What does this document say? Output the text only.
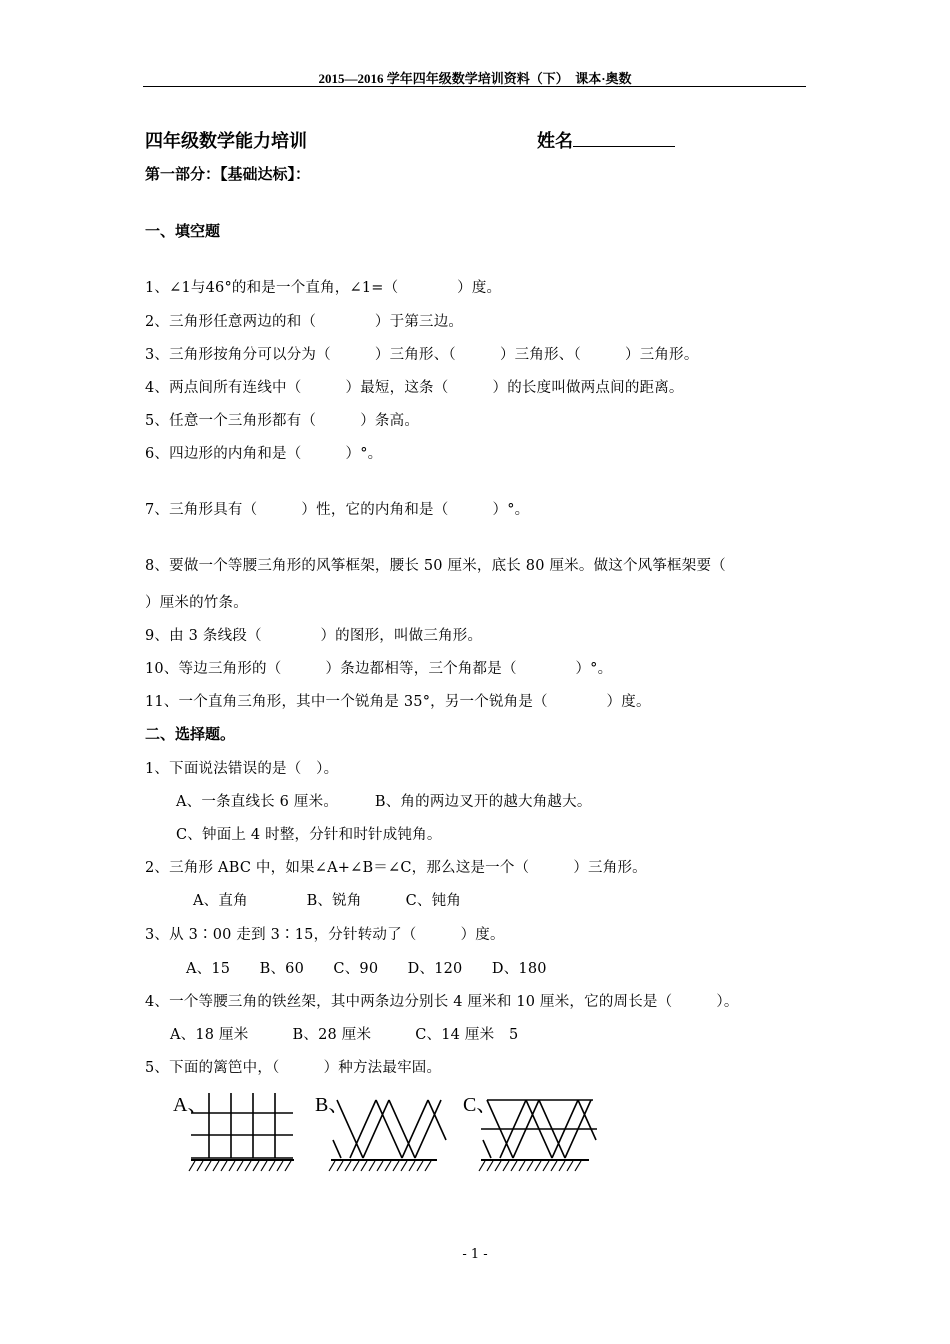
2015—2016 学年四年级数学培训资料（下）　课本·奥数
四年级数学能力培训	姓名
第一部分：【基础达标】：
一、填空题
1、∠1与46°的和是一个直角，∠1=（　　　　）度。
2、三角形任意两边的和（　　　　）于第三边。
3、三角形按角分可以分为（　　　）三角形、（　　　）三角形、（　　　）三角形。
4、两点间所有连线中（　　　）最短，这条（　　　）的长度叫做两点间的距离。
5、任意一个三角形都有（　　　）条高。
6、四边形的内角和是（　　　）°。
7、三角形具有（　　　）性，它的内角和是（　　　）°。
8、要做一个等腰三角形的风筝框架，腰长 50 厘米，底长 80 厘米。做这个风筝框架要（
）厘米的竹条。
9、由 3 条线段（　　　　）的图形，叫做三角形。
10、等边三角形的（　　　）条边都相等，三个角都是（　　　　）°。
11、一个直角三角形，其中一个锐角是 35°，另一个锐角是（　　　　）度。
二、选择题。
1、下面说法错误的是（　）。
A、一条直线长 6 厘米。　　　B、角的两边叉开的越大角越大。
C、钟面上 4 时整，分针和时针成钝角。
2、三角形 ABC 中，如果∠A+∠B＝∠C，那么这是一个（　　　）三角形。
A、直角　　　　B、锐角　　　C、钝角
3、从 3∶00 走到 3∶15，分针转动了（　　　）度。
A、15　　B、60　　C、90　　D、120　　D、180
4、一个等腰三角的铁丝架，其中两条边分别长 4 厘米和 10 厘米，它的周长是（　　　）。
A、18 厘米　　　B、28 厘米　　　C、14 厘米　5
5、下面的篱笆中，（　　　）种方法最牢固。
A、	B、	C、
- 1 -
